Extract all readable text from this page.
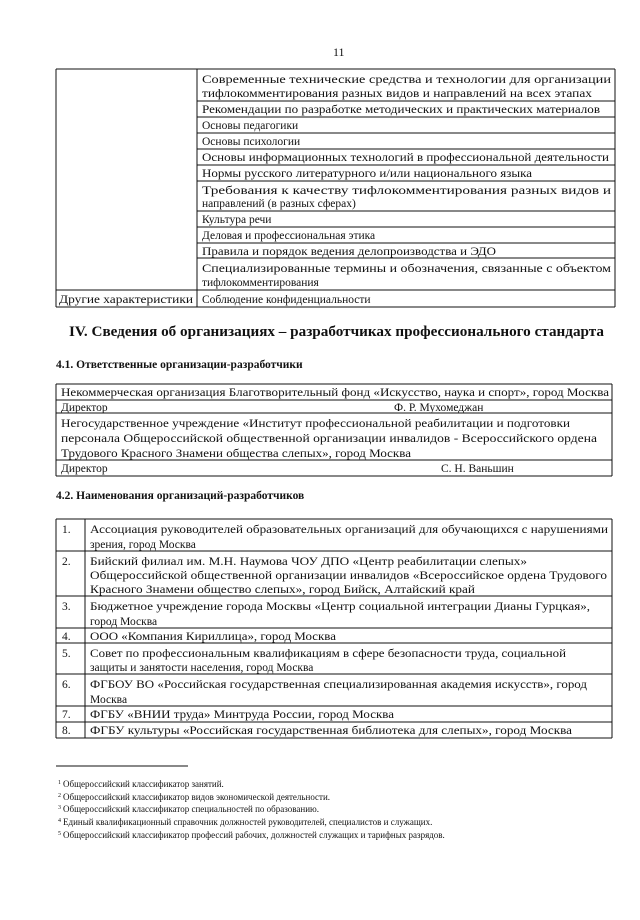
11
Современные технические средства и технологии для организации
тифлокомментирования разных видов и направлений на всех этапах
Рекомендации по разработке методических и практических материалов
Основы педагогики
Основы психологии
Основы информационных технологий в профессиональной деятельности
Нормы русского литературного и/или национального языка
Требования к качеству тифлокомментирования разных видов и
направлений (в разных сферах)
Культура речи
Деловая и профессиональная этика
Правила и порядок ведения делопроизводства и ЭДО
Специализированные термины и обозначения, связанные с объектом
тифлокомментирования
Другие характеристики Соблюдение конфиденциальности
IV. Сведения об организациях – разработчиках профессионального стандарта
4.1. Ответственные организации-разработчики
Некоммерческая организация Благотворительный фонд «Искусство, наука и спорт», город Москва
Директор	Ф. Р. Мухомеджан
Негосударственное учреждение «Институт профессиональной реабилитации и подготовки
персонала Общероссийской общественной организации инвалидов - Всероссийского ордена
Трудового Красного Знамени общества слепых», город Москва
Директор	С. Н. Ваньшин
4.2. Наименования организаций-разработчиков
1. Ассоциация руководителей образовательных организаций для обучающихся с нарушениями
зрения, город Москва
2. Бийский филиал им. М.Н. Наумова ЧОУ ДПО «Центр реабилитации слепых»
Общероссийской общественной организации инвалидов «Всероссийское ордена Трудового
Красного Знамени общество слепых», город Бийск, Алтайский край
3. Бюджетное учреждение города Москвы «Центр социальной интеграции Дианы Гурцкая»,
город Москва
4. ООО «Компания Кириллица», город Москва
5. Совет по профессиональным квалификациям в сфере безопасности труда, социальной
защиты и занятости населения, город Москва
6. ФГБОУ ВО «Российская государственная специализированная академия искусств», город
Москва
7. ФГБУ «ВНИИ труда» Минтруда России, город Москва
8. ФГБУ культуры «Российская государственная библиотека для слепых», город Москва
$^1$ Общероссийский классификатор занятий.
$^2$ Общероссийский классификатор видов экономической деятельности.
$^3$ Общероссийский классификатор специальностей по образованию.
$^4$ Единый квалификационный справочник должностей руководителей, специалистов и служащих.
$^5$ Общероссийский классификатор профессий рабочих, должностей служащих и тарифных разрядов.
